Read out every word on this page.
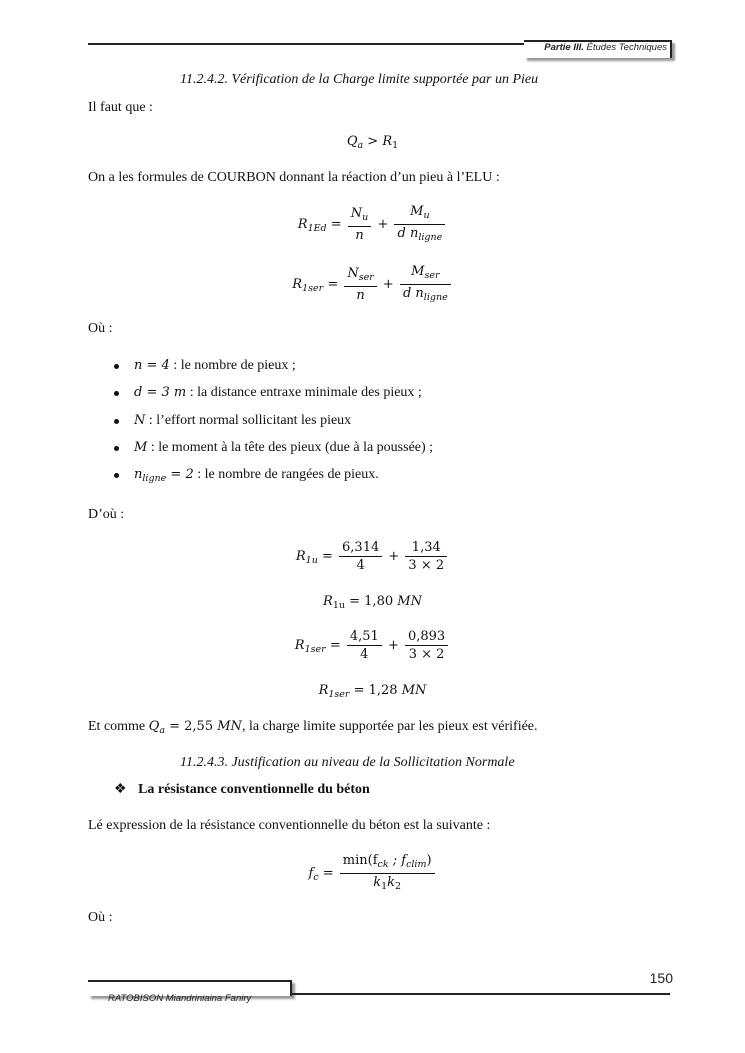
Partie III. Études Techniques
11.2.4.2. Vérification de la Charge limite supportée par un Pieu
Il faut que :
$Q_a > R_1$
On a les formules de COURBON donnant la réaction d’un pieu à l’ELU :
$R_{1Ed} = \frac{N_u}{n} + \frac{M_u}{d n_{ligne}}$
$R_{1ser} = \frac{N_{ser}}{n} + \frac{M_{ser}}{d n_{ligne}}$
Où :
n = 4 : le nombre de pieux ;
d = 3 m : la distance entraxe minimale des pieux ;
N : l’effort normal sollicitant les pieux
M : le moment à la tête des pieux (due à la poussée) ;
$n_{ligne} = 2$ : le nombre de rangées de pieux.
D’où :
$R_{1u} = \frac{6,314}{4} + \frac{1,34}{3 \times 2}$
$R_{1u} = 1,80$ MN
$R_{1ser} = \frac{4,51}{4} + \frac{0,893}{3 \times 2}$
$R_{1ser} = 1,28$ MN
Et comme $Q_a = 2,55$ MN, la charge limite supportée par les pieux est vérifiée.
11.2.4.3. Justification au niveau de la Sollicitation Normale
❖ La résistance conventionnelle du béton
Lé expression de la résistance conventionnelle du béton est la suivante :
$f_c = \frac{\min(f_{ck} ; f_{clim})}{k_1k_2}$
Où :
150
RATOBISON Miandriniaina Faniry
